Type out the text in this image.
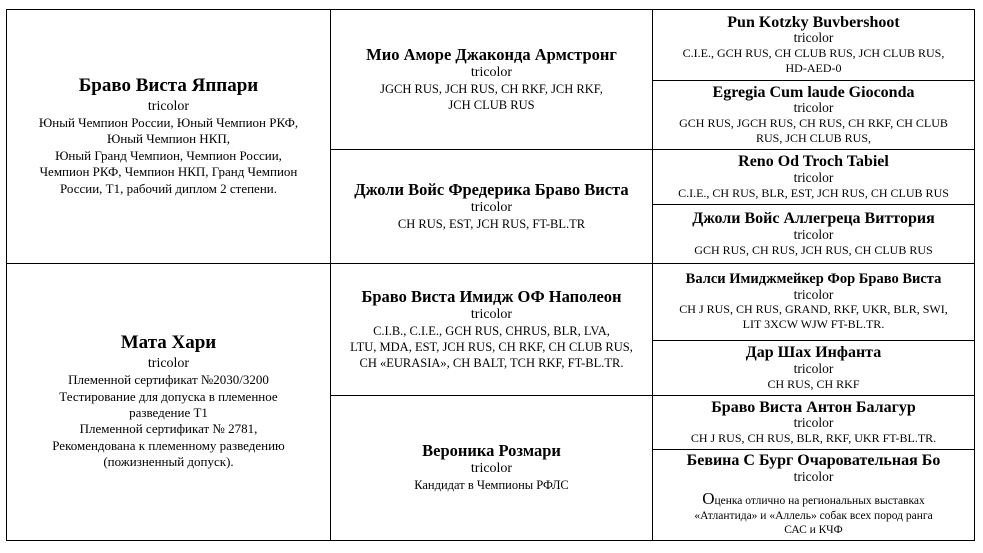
Браво Виста Яппари
tricolor
Юный Чемпион России, Юный Чемпион РКФ,
Юный Чемпион НКП,
Юный Гранд Чемпион, Чемпион России,
Чемпион РКФ, Чемпион НКП, Гранд Чемпион
России, Т1, рабочий диплом 2 степени.
Мата Хари
tricolor
Племенной сертификат №2030/3200
Тестирование для допуска в племенное
разведение Т1
Племенной сертификат № 2781,
Рекомендована к племенному разведению
(пожизненный допуск).
Мио Аморе Джаконда Армстронг
tricolor
JGCH RUS, JCH RUS, CH RKF, JCH RKF,
JCH CLUB RUS
Джоли Войс Фредерика Браво Виста
tricolor
CH RUS, EST, JCH RUS, FT-BL.TR
Браво Виста Имидж ОФ Наполеон
tricolor
C.I.B., C.I.E., GCH RUS, CHRUS, BLR, LVA,
LTU, MDA, EST, JCH RUS, CH RKF, CH CLUB RUS,
CH «EURASIA», CH BALT, TCH RKF, FT-BL.TR.
Вероника Розмари
tricolor
Кандидат в Чемпионы РФЛС
Pun Kotzky Buvbershoot
tricolor
C.I.E., GCH RUS, CH CLUB RUS, JCH CLUB RUS,
HD-AED-0
Egregia Cum laude Gioconda
tricolor
GCH RUS, JGCH RUS, CH RUS, CH RKF, CH CLUB
RUS, JCH CLUB RUS,
Reno Od Troch Tabiel
tricolor
C.I.E., CH RUS, BLR, EST, JCH RUS, CH CLUB RUS
Джоли Войс Аллегреца Виттория
tricolor
GCH RUS, CH RUS, JCH RUS, CH CLUB RUS
Валси Имиджмейкер Фор Браво Виста
tricolor
CH J RUS, CH RUS, GRAND, RKF, UKR, BLR, SWI,
LIT 3XCW WJW FT-BL.TR.
Дар Шах Инфанта
tricolor
CH RUS, CH RKF
Браво Виста Антон Балагур
tricolor
CH J RUS, CH RUS, BLR, RKF, UKR FT-BL.TR.
Бевина С Бург Очаровательная Бо
tricolor
Оценка отлично на региональных выставках
«Атлантида» и «Аллель» собак всех пород ранга
САС и КЧФ
